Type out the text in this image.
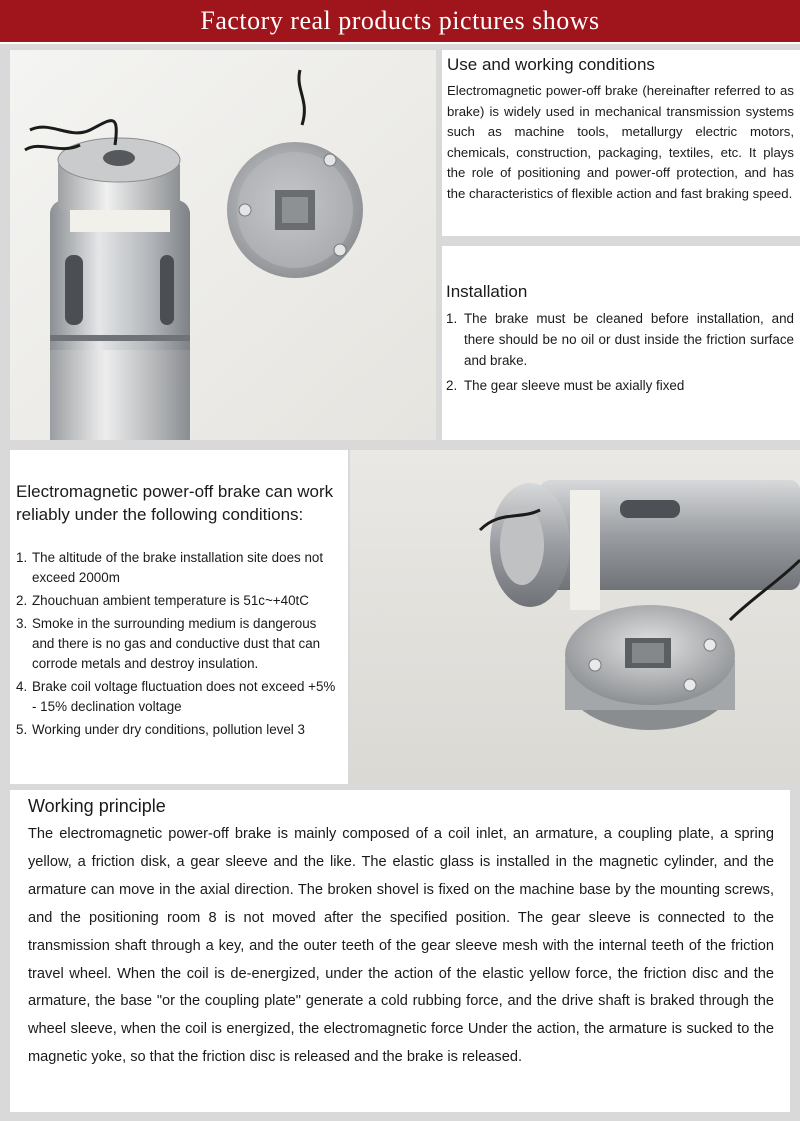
Factory real products pictures shows
Use and working conditions

Electromagnetic power-off brake (hereinafter referred to as brake) is widely used in mechanical transmission systems such as machine tools, metallurgy electric motors, chemicals, construction, packaging, textiles, etc. It plays the role of positioning and power-off protection, and has the characteristics of flexible action and fast braking speed.

Installation
1. The brake must be cleaned before installation, and there should be no oil or dust inside the friction surface and brake.
2. The gear sleeve must be axially fixed
Electromagnetic power-off brake can work reliably under the following conditions:
1. The altitude of the brake installation site does not exceed 2000m
2. Zhouchuan ambient temperature is 51c~+40tC
3. Smoke in the surrounding medium is dangerous and there is no gas and conductive dust that can corrode metals and destroy insulation.
4. Brake coil voltage fluctuation does not exceed +5% - 15% declination voltage
5. Working under dry conditions, pollution level 3
Working principle

The electromagnetic power-off brake is mainly composed of a coil inlet, an armature, a coupling plate, a spring yellow, a friction disk, a gear sleeve and the like. The elastic glass is installed in the magnetic cylinder, and the armature can move in the axial direction. The broken shovel is fixed on the machine base by the mounting screws, and the positioning room 8 is not moved after the specified position. The gear sleeve is connected to the transmission shaft through a key, and the outer teeth of the gear sleeve mesh with the internal teeth of the friction travel wheel. When the coil is de-energized, under the action of the elastic yellow force, the friction disc and the armature, the base "or the coupling plate" generate a cold rubbing force, and the drive shaft is braked through the wheel sleeve, when the coil is energized, the electromagnetic force Under the action, the armature is sucked to the magnetic yoke, so that the friction disc is released and the brake is released.
